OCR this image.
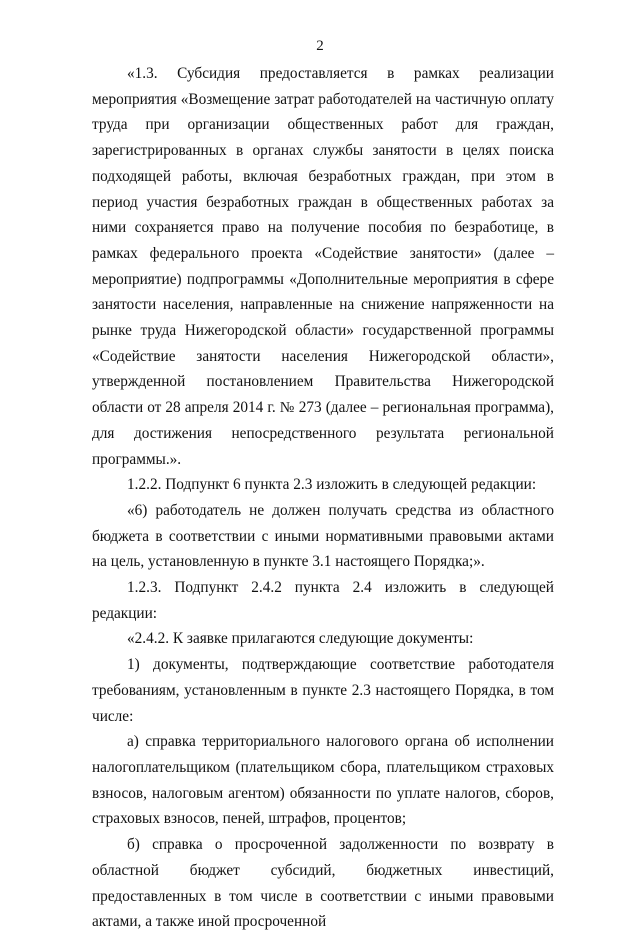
2

«1.3. Субсидия предоставляется в рамках реализации мероприятия «Возмещение затрат работодателей на частичную оплату труда при организации общественных работ для граждан, зарегистрированных в органах службы занятости в целях поиска подходящей работы, включая безработных граждан, при этом в период участия безработных граждан в общественных работах за ними сохраняется право на получение пособия по безработице, в рамках федерального проекта «Содействие занятости» (далее – мероприятие) подпрограммы «Дополнительные мероприятия в сфере занятости населения, направленные на снижение напряженности на рынке труда Нижегородской области» государственной программы «Содействие занятости населения Нижегородской области», утвержденной постановлением Правительства Нижегородской области от 28 апреля 2014 г. № 273 (далее – региональная программа), для достижения непосредственного результата региональной программы.».

1.2.2. Подпункт 6 пункта 2.3 изложить в следующей редакции:

«6) работодатель не должен получать средства из областного бюджета в соответствии с иными нормативными правовыми актами на цель, установленную в пункте 3.1 настоящего Порядка;».

1.2.3. Подпункт 2.4.2 пункта 2.4 изложить в следующей редакции:

«2.4.2. К заявке прилагаются следующие документы:

1) документы, подтверждающие соответствие работодателя требованиям, установленным в пункте 2.3 настоящего Порядка, в том числе:

а) справка территориального налогового органа об исполнении налогоплательщиком (плательщиком сбора, плательщиком страховых взносов, налоговым агентом) обязанности по уплате налогов, сборов, страховых взносов, пеней, штрафов, процентов;

б) справка о просроченной задолженности по возврату в областной бюджет субсидий, бюджетных инвестиций, предоставленных в том числе в соответствии с иными правовыми актами, а также иной просроченной
